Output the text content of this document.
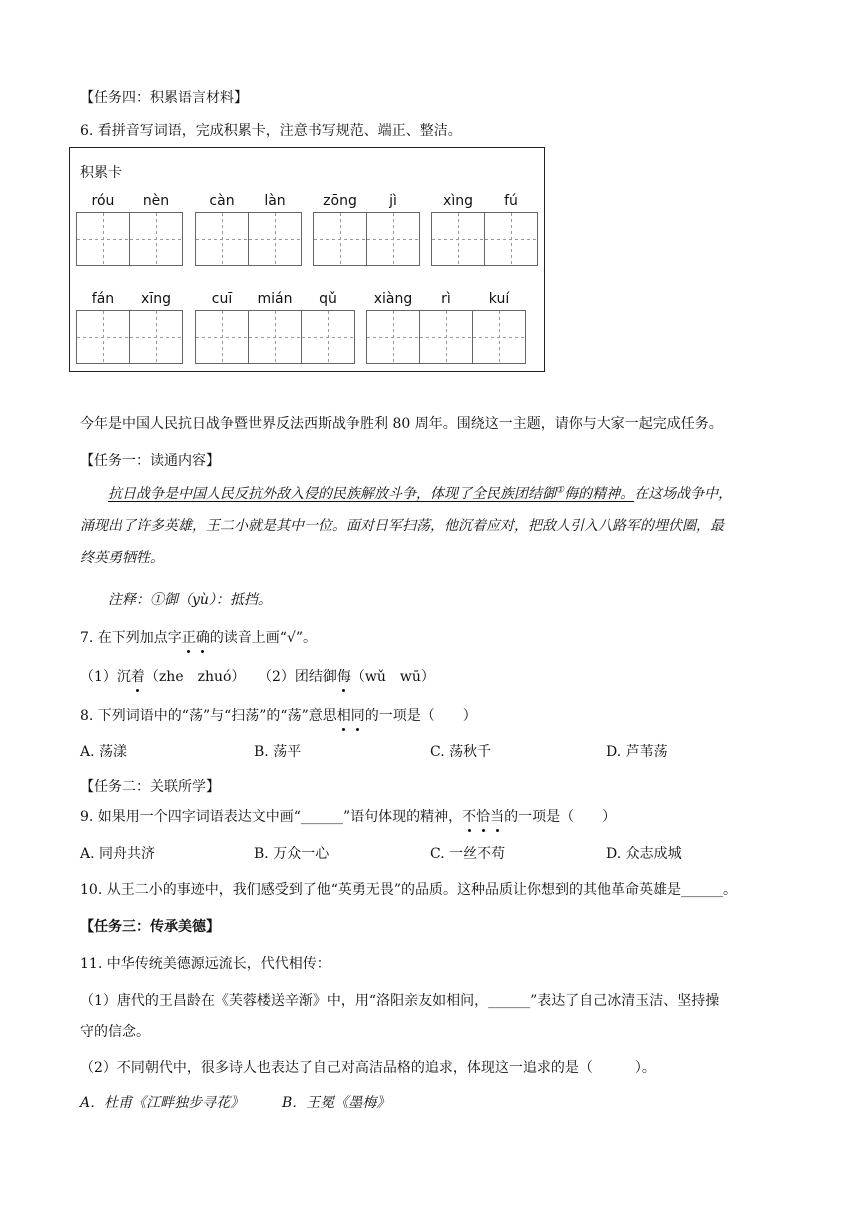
【任务四：积累语言材料】
6. 看拼音写词语，完成积累卡，注意书写规范、端正、整洁。
积累卡
róu	nèn	càn	làn	zōng	jì	xìng	fú
fán	xīng	cuī	mián	qǔ	xiàng	rì	kuí
今年是中国人民抗日战争暨世界反法西斯战争胜利 80 周年。围绕这一主题，请你与大家一起完成任务。
【任务一：读通内容】
抗日战争是中国人民反抗外敌入侵的民族解放斗争，体现了全民族团结御①侮的精神。在这场战争中，
涌现出了许多英雄，王二小就是其中一位。面对日军扫荡，他沉着应对，把敌人引入八路军的埋伏圈，最
终英勇牺牲。
注释：①御（yù）：抵挡。
7. 在下列加点字正确的读音上画“√”。
（1）沉着（zhe　zhuó） （2）团结御侮（wǔ　wū）
8. 下列词语中的“荡”与“扫荡”的“荡”意思相同的一项是（　　）
A. 荡漾	B. 荡平	C. 荡秋千	D. 芦苇荡
【任务二：关联所学】
9. 如果用一个四字词语表达文中画“______”语句体现的精神，不恰当的一项是（　　）
A. 同舟共济	B. 万众一心	C. 一丝不苟	D. 众志成城
10. 从王二小的事迹中，我们感受到了他“英勇无畏”的品质。这种品质让你想到的其他革命英雄是______。
【任务三：传承美德】
11. 中华传统美德源远流长，代代相传：
（1）唐代的王昌龄在《芙蓉楼送辛渐》中，用“洛阳亲友如相问，______”表达了自己冰清玉洁、坚持操
守的信念。
（2）不同朝代中，很多诗人也表达了自己对高洁品格的追求，体现这一追求的是（　　　）。
A．杜甫《江畔独步寻花》	B．王冕《墨梅》
